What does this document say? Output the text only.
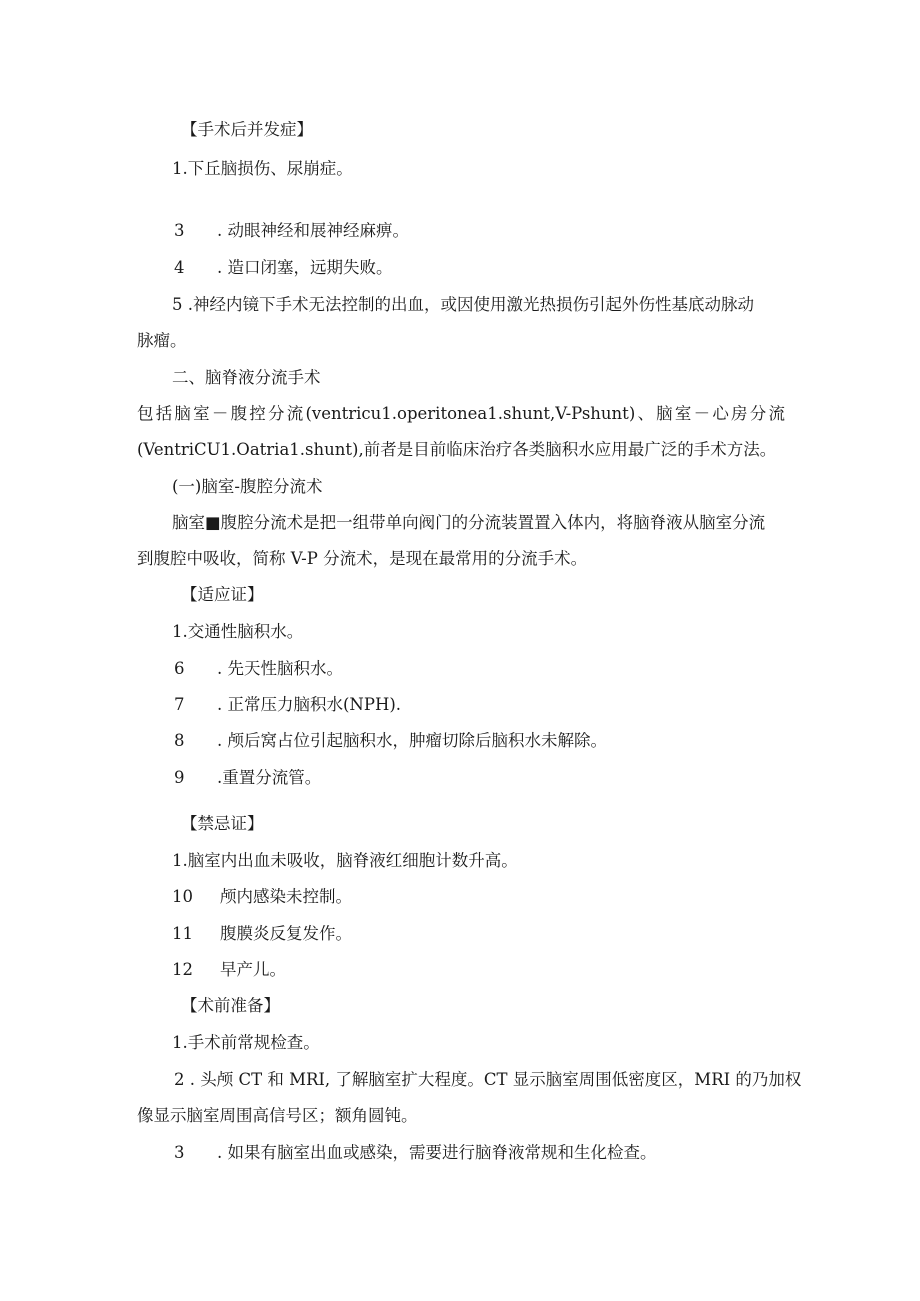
【手术后并发症】
1.下丘脑损伤、尿崩症。
3 . 动眼神经和展神经麻痹。
4 . 造口闭塞，远期失败。
5 .神经内镜下手术无法控制的出血，或因使用激光热损伤引起外伤性基底动脉动
脉瘤。
二、脑脊液分流手术
包括脑室－腹控分流(ventricu1.operitonea1.shunt,V-Pshunt)、脑室－心房分流
(VentriCU1.Oatria1.shunt),前者是目前临床治疗各类脑积水应用最广泛的手术方法。
(一)脑室-腹腔分流术
脑室■腹腔分流术是把一组带单向阀门的分流装置置入体内，将脑脊液从脑室分流
到腹腔中吸收，简称 V-P 分流术，是现在最常用的分流手术。
【适应证】
1.交通性脑积水。
6 . 先天性脑积水。
7 . 正常压力脑积水(NPH).
8 . 颅后窝占位引起脑积水，肿瘤切除后脑积水未解除。
9 .重置分流管。
【禁忌证】
1.脑室内出血未吸收，脑脊液红细胞计数升高。
10 颅内感染未控制。
11 腹膜炎反复发作。
12 早产儿。
【术前准备】
1.手术前常规检查。
2 . 头颅 CT 和 MRI, 了解脑室扩大程度。CT 显示脑室周围低密度区，MRI 的乃加权
像显示脑室周围高信号区；额角圆钝。
3 . 如果有脑室出血或感染，需要进行脑脊液常规和生化检查。
